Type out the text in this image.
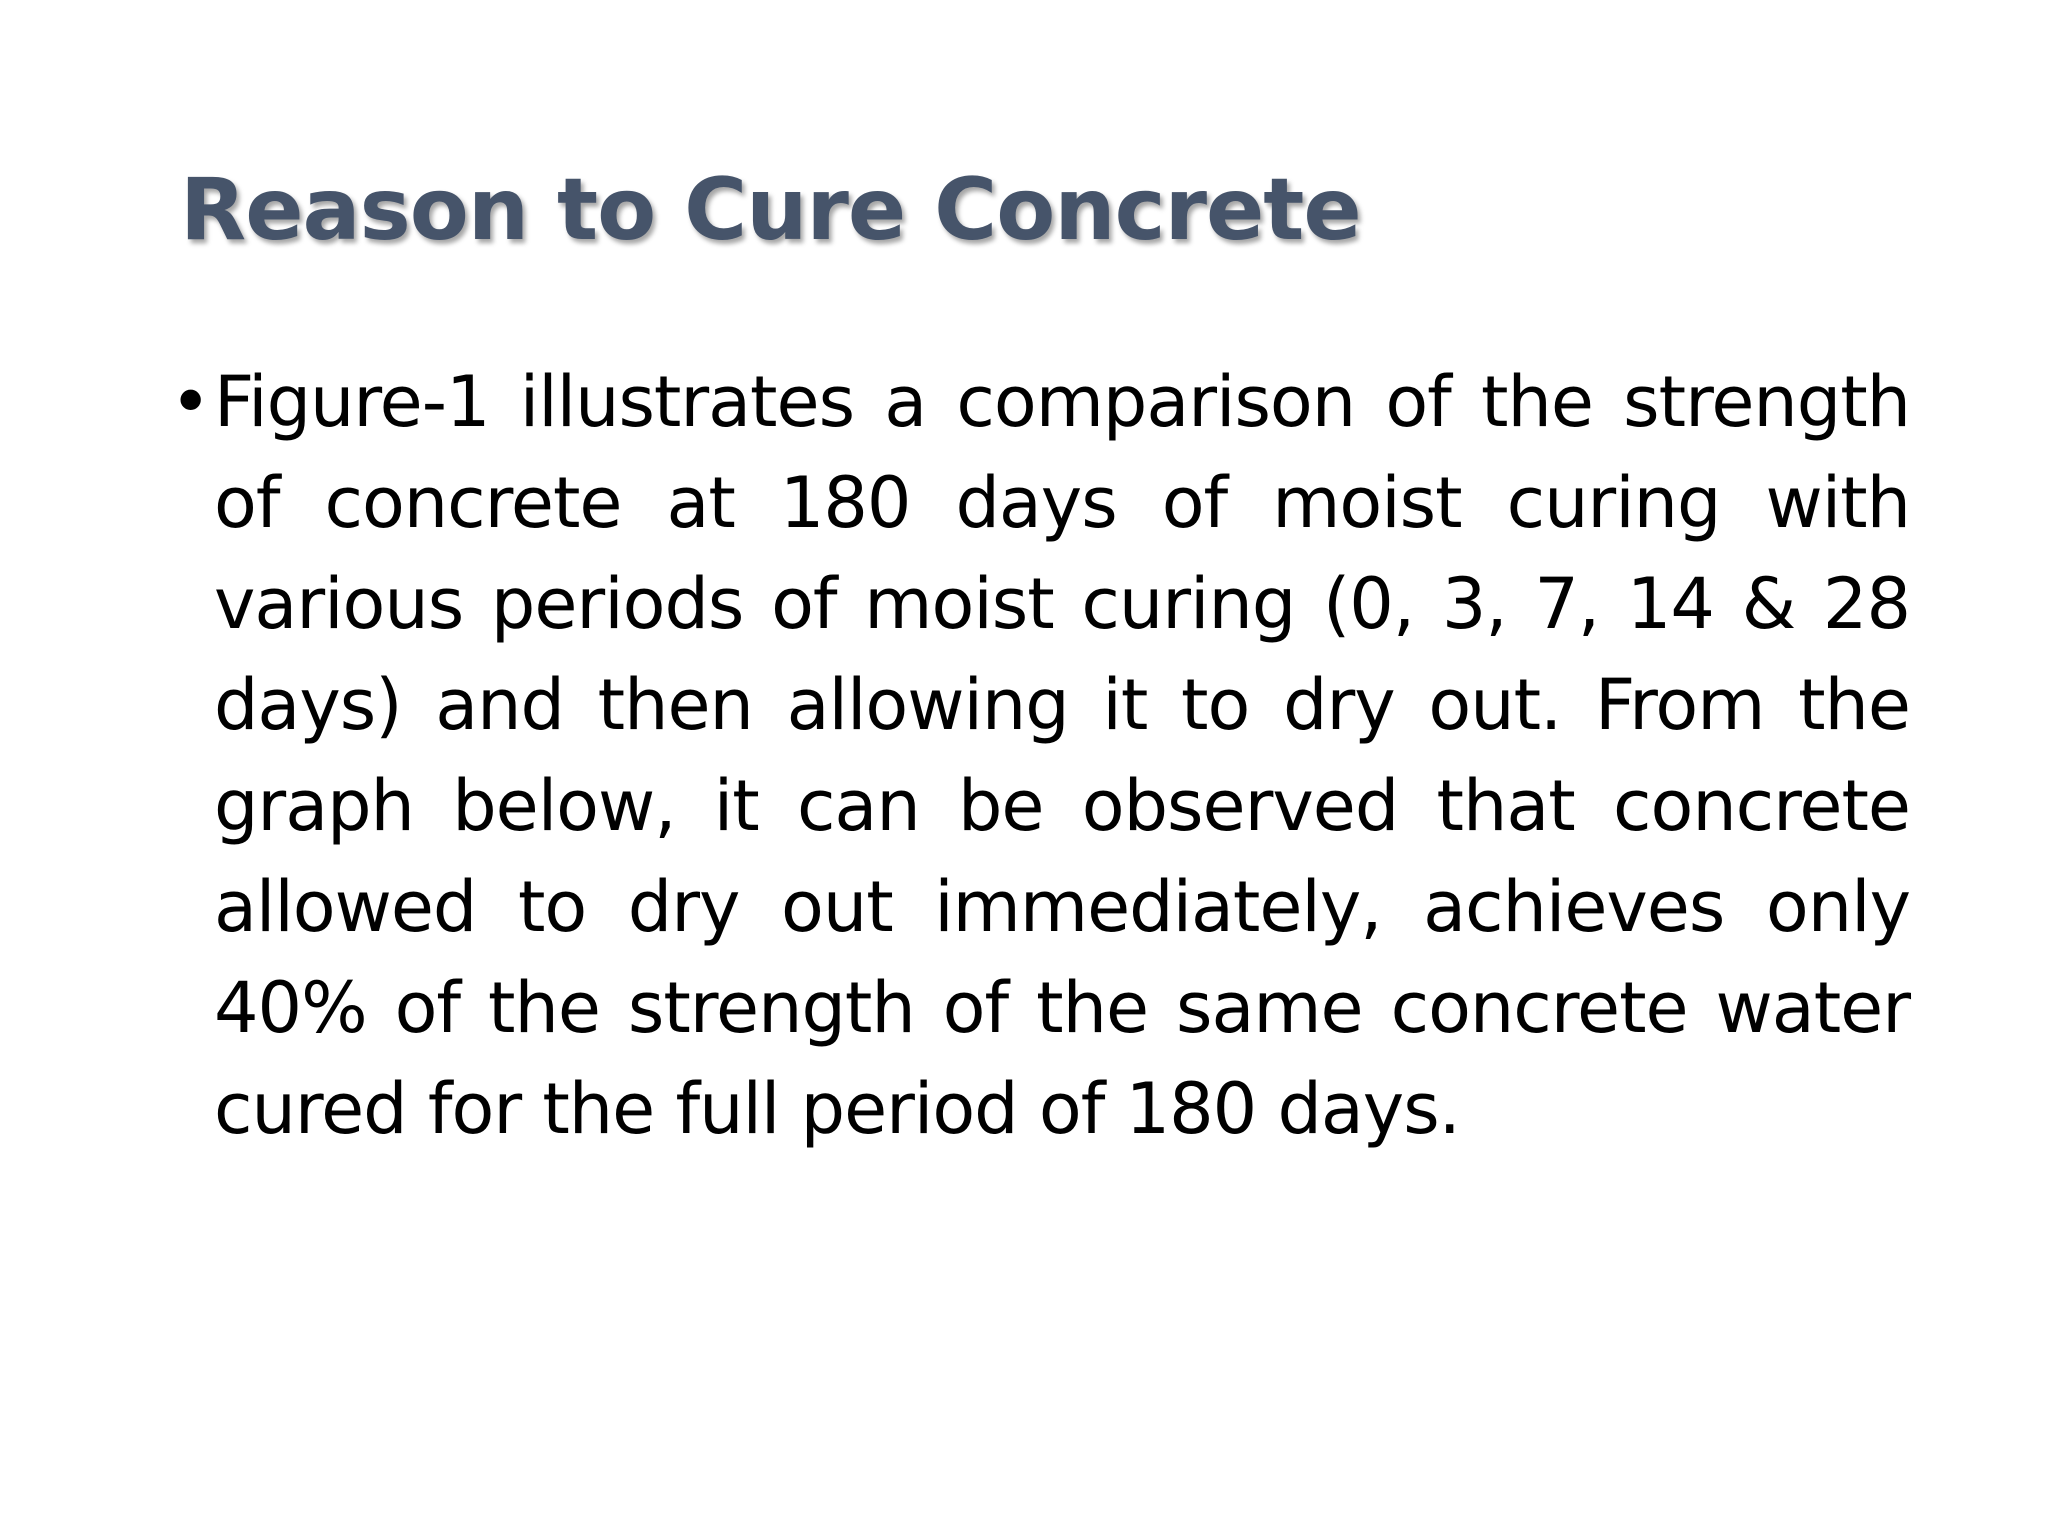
Reason to Cure Concrete
• Figure-1 illustrates a comparison of the strength of concrete at 180 days of moist curing with various periods of moist curing (0, 3, 7, 14 & 28 days) and then allowing it to dry out. From the graph below, it can be observed that concrete allowed to dry out immediately, achieves only 40% of the strength of the same concrete water cured for the full period of 180 days.
